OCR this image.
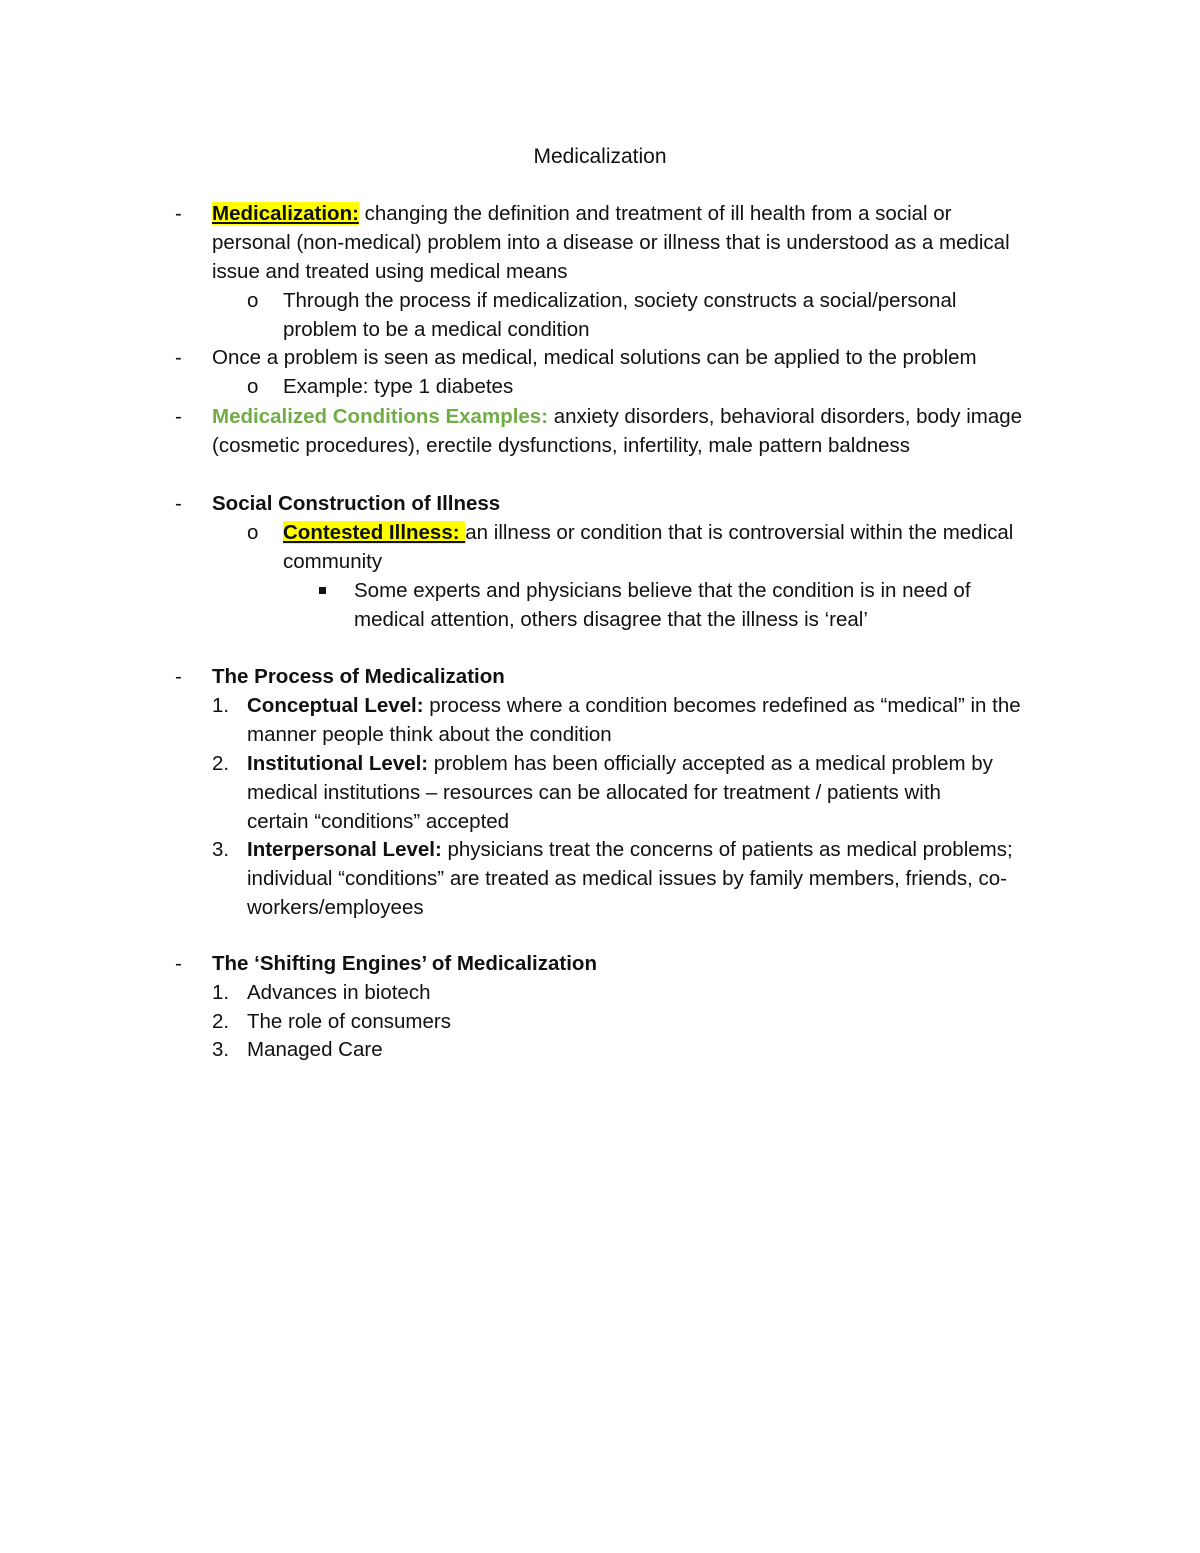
Medicalization
- Medicalization: changing the definition and treatment of ill health from a social or
personal (non-medical) problem into a disease or illness that is understood as a medical
issue and treated using medical means
o Through the process if medicalization, society constructs a social/personal
problem to be a medical condition
- Once a problem is seen as medical, medical solutions can be applied to the problem
o Example: type 1 diabetes
- Medicalized Conditions Examples: anxiety disorders, behavioral disorders, body image
(cosmetic procedures), erectile dysfunctions, infertility, male pattern baldness
- Social Construction of Illness
o Contested Illness: an illness or condition that is controversial within the medical
community
Some experts and physicians believe that the condition is in need of
medical attention, others disagree that the illness is ‘real’
- The Process of Medicalization
1. Conceptual Level: process where a condition becomes redefined as “medical” in the
manner people think about the condition
2. Institutional Level: problem has been officially accepted as a medical problem by
medical institutions – resources can be allocated for treatment / patients with
certain “conditions” accepted
3. Interpersonal Level: physicians treat the concerns of patients as medical problems;
individual “conditions” are treated as medical issues by family members, friends, co-
workers/employees
- The ‘Shifting Engines’ of Medicalization
1. Advances in biotech
2. The role of consumers
3. Managed Care
